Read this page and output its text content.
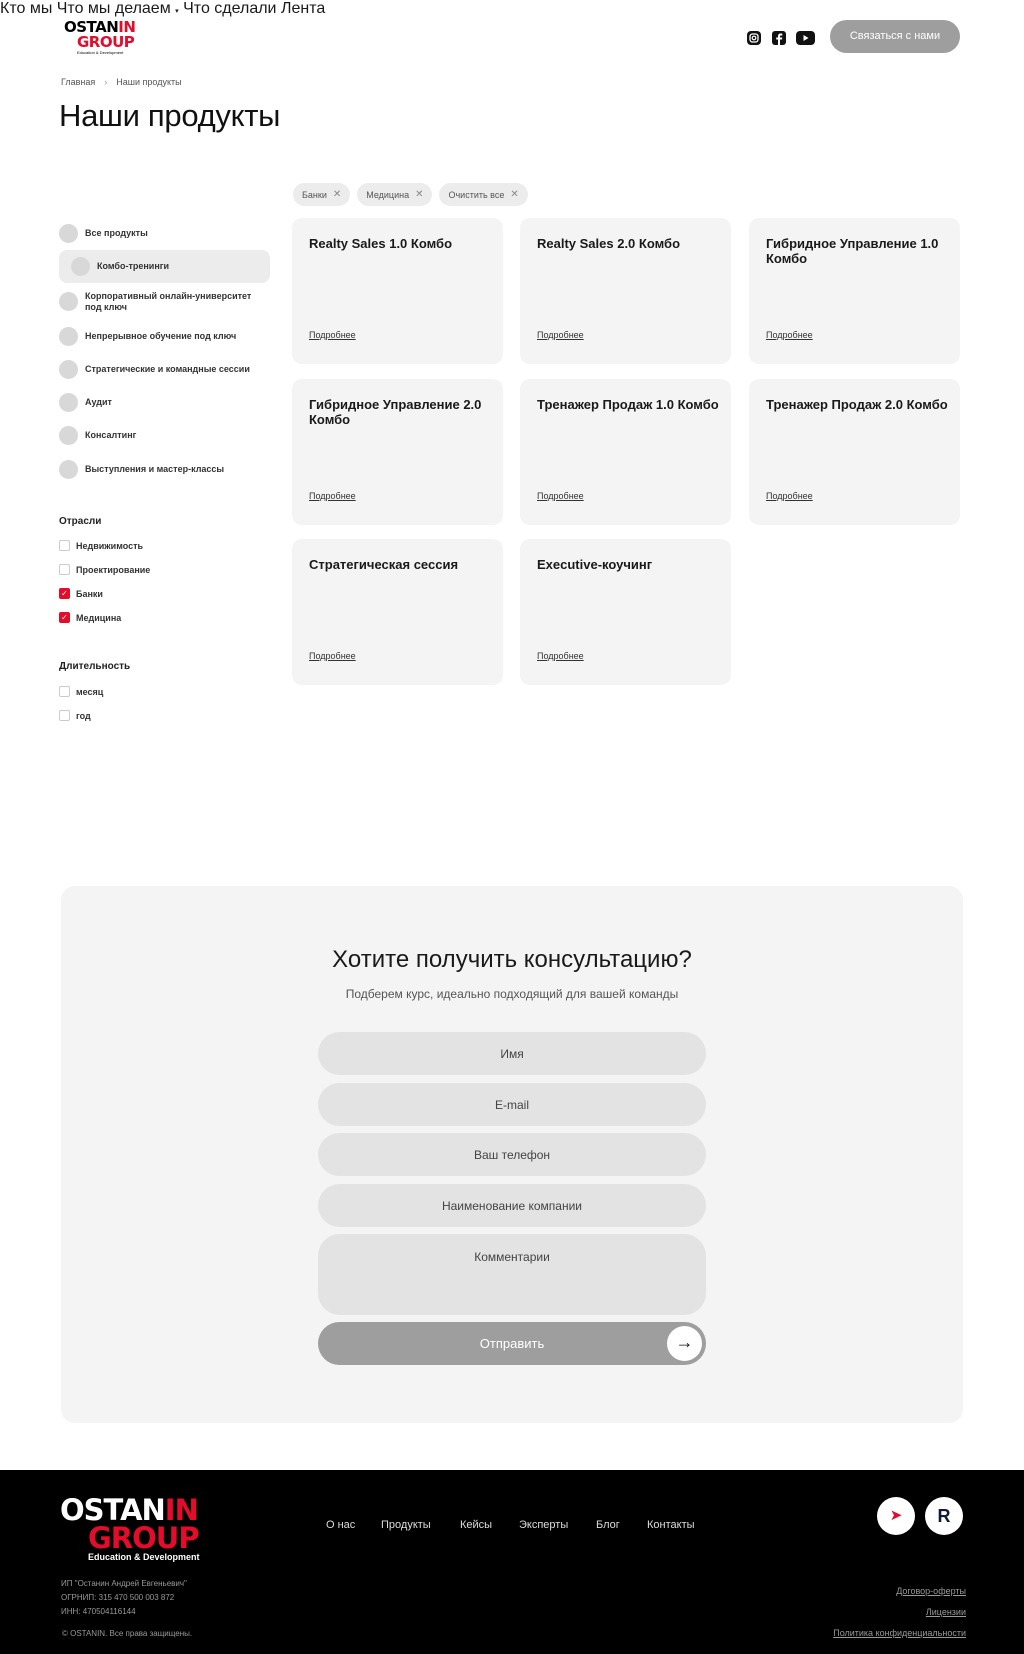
OSTANIN
GROUP
Education & Development
Кто мы Что мы делаем ▾ Что сделали Лента
Связаться с нами
Главная › Наши продукты
Наши продукты
Банки ✕	Медицина ✕	Очистить все ✕
Все продукты
Комбо-тренинги
Корпоративный онлайн-университет под ключ
Непрерывное обучение под ключ
Стратегические и командные сессии
Аудит
Консалтинг
Выступления и мастер-классы
Отрасли
Недвижимость
Проектирование
✓ Банки
✓ Медицина
Длительность
месяц
год
Realty Sales 1.0 Комбо
Подробнее
Realty Sales 2.0 Комбо
Подробнее
Гибридное Управление 1.0 Комбо
Подробнее
Гибридное Управление 2.0 Комбо
Подробнее
Тренажер Продаж 1.0 Комбо
Подробнее
Тренажер Продаж 2.0 Комбо
Подробнее
Стратегическая сессия
Подробнее
Executive-коучинг
Подробнее
Хотите получить консультацию?
Подберем курс, идеально подходящий для вашей команды
Имя
E-mail
Ваш телефон
Наименование компании
Комментарии
Отправить	→
OSTANIN
GROUP
Education & Development
О нас Продукты	Кейсы Эксперты	Блог Контакты
➤	R
ИП "Останин Андрей Евгеньевич"
ОГРНИП: 315 470 500 003 872
ИНН: 470504116144
© OSTANIN. Все права защищены.
Договор-оферты
Лицензии
Политика конфиденциальности
